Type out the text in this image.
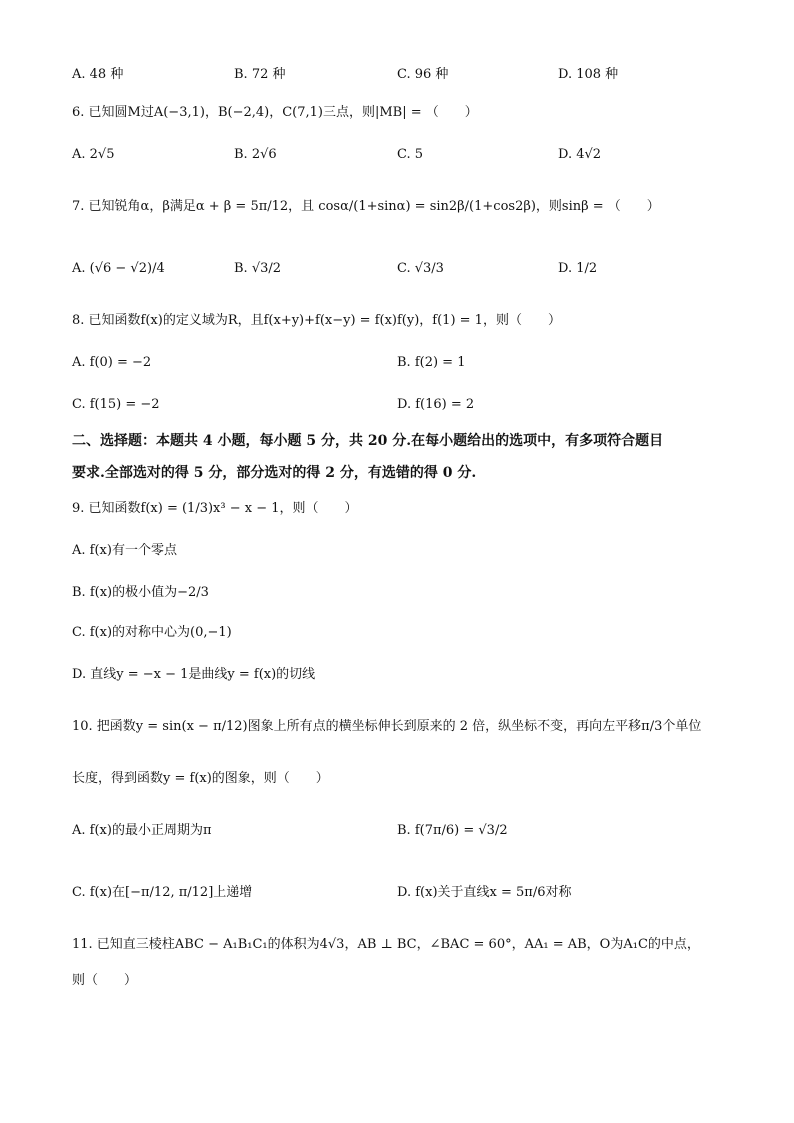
A. 48 种	B. 72 种	C. 96 种	D. 108 种
6. 已知圆M过A(−3,1)，B(−2,4)，C(7,1)三点，则|MB| = （　　）
A. 2√5	B. 2√6	C. 5	D. 4√2
7. 已知锐角α，β满足α + β = 5π/12，且 cosα/(1+sinα) = sin2β/(1+cos2β)，则sinβ = （　　）
A. (√6 − √2)/4	B. √3/2	C. √3/3	D. 1/2
8. 已知函数f(x)的定义域为R，且f(x+y)+f(x−y) = f(x)f(y)，f(1) = 1，则（　　）
A. f(0) = −2	B. f(2) = 1
C. f(15) = −2	D. f(16) = 2
二、选择题：本题共 4 小题，每小题 5 分，共 20 分.在每小题给出的选项中，有多项符合题目
要求.全部选对的得 5 分，部分选对的得 2 分，有选错的得 0 分.
9. 已知函数f(x) = (1/3)x³ − x − 1，则（　　）
A. f(x)有一个零点
B. f(x)的极小值为−2/3
C. f(x)的对称中心为(0,−1)
D. 直线y = −x − 1是曲线y = f(x)的切线
10. 把函数y = sin(x − π/12)图象上所有点的横坐标伸长到原来的 2 倍，纵坐标不变，再向左平移π/3个单位
长度，得到函数y = f(x)的图象，则（　　）
A. f(x)的最小正周期为π	B. f(7π/6) = √3/2
C. f(x)在[−π/12, π/12]上递增	D. f(x)关于直线x = 5π/6对称
11. 已知直三棱柱ABC − A₁B₁C₁的体积为4√3，AB ⊥ BC，∠BAC = 60°，AA₁ = AB，O为A₁C的中点，
则（　　）
